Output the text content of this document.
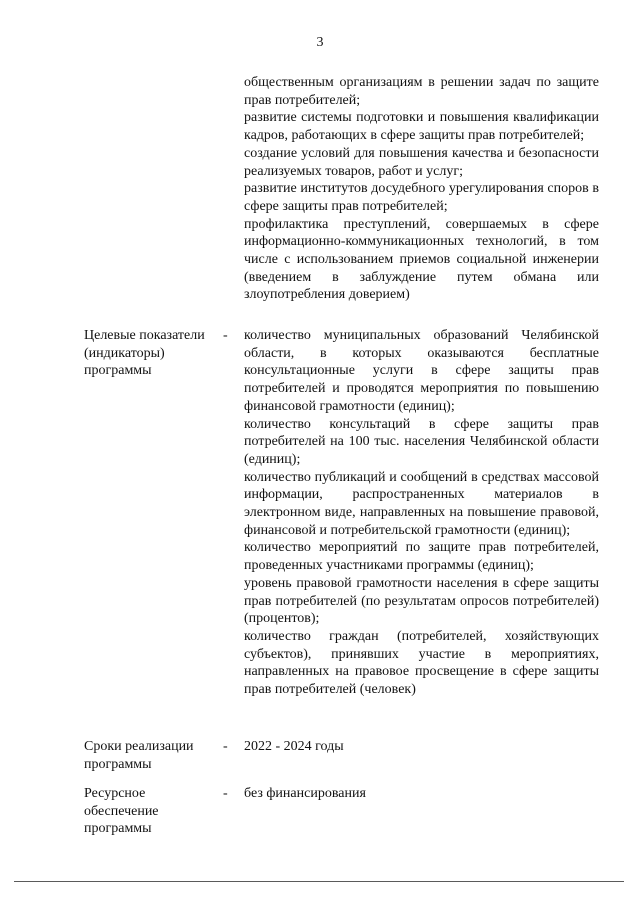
3
общественным организациям в решении задач по защите прав потребителей;
развитие системы подготовки и повышения квалификации кадров, работающих в сфере защиты прав потребителей;
создание условий для повышения качества и безопасности реализуемых товаров, работ и услуг;
развитие институтов досудебного урегулирования споров в сфере защиты прав потребителей;
профилактика преступлений, совершаемых в сфере информационно-коммуникационных технологий, в том числе с использованием приемов социальной инженерии (введением в заблуждение путем обмана или злоупотребления доверием)
Целевые показатели (индикаторы) программы
- количество муниципальных образований Челябинской области, в которых оказываются бесплатные консультационные услуги в сфере защиты прав потребителей и проводятся мероприятия по повышению финансовой грамотности (единиц);
количество консультаций в сфере защиты прав потребителей на 100 тыс. населения Челябинской области (единиц);
количество публикаций и сообщений в средствах массовой информации, распространенных материалов в электронном виде, направленных на повышение правовой, финансовой и потребительской грамотности (единиц);
количество мероприятий по защите прав потребителей, проведенных участниками программы (единиц);
уровень правовой грамотности населения в сфере защиты прав потребителей (по результатам опросов потребителей) (процентов);
количество граждан (потребителей, хозяйствующих субъектов), принявших участие в мероприятиях, направленных на правовое просвещение в сфере защиты прав потребителей (человек)
Сроки реализации программы
- 2022 - 2024 годы
Ресурсное обеспечение программы
- без финансирования
